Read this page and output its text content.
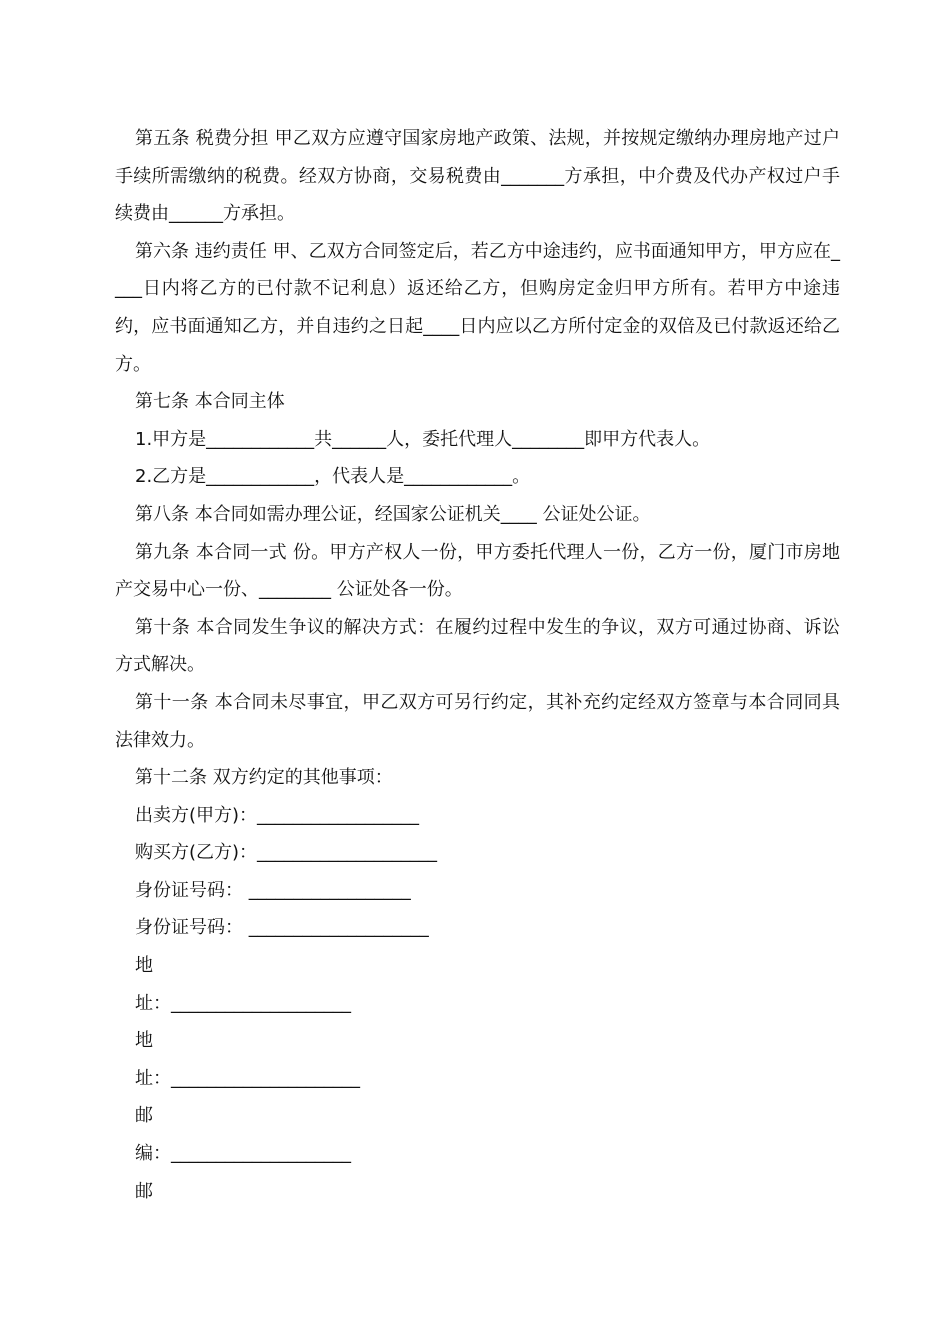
第五条 税费分担 甲乙双方应遵守国家房地产政策、法规，并按规定缴纳办理房地产过户手续所需缴纳的税费。经双方协商，交易税费由_______方承担，中介费及代办产权过户手续费由______方承担。

第六条 违约责任 甲、乙双方合同签定后，若乙方中途违约，应书面通知甲方，甲方应在____日内将乙方的已付款不记利息）返还给乙方，但购房定金归甲方所有。若甲方中途违约，应书面通知乙方，并自违约之日起____日内应以乙方所付定金的双倍及已付款返还给乙方。

第七条 本合同主体

1.甲方是____________共______人，委托代理人________即甲方代表人。

2.乙方是____________，代表人是____________。

第八条 本合同如需办理公证，经国家公证机关____ 公证处公证。

第九条 本合同一式 份。甲方产权人一份，甲方委托代理人一份，乙方一份，厦门市房地产交易中心一份、________ 公证处各一份。

第十条 本合同发生争议的解决方式：在履约过程中发生的争议，双方可通过协商、诉讼方式解决。

第十一条 本合同未尽事宜，甲乙双方可另行约定，其补充约定经双方签章与本合同同具法律效力。

第十二条 双方约定的其他事项：

出卖方(甲方)：__________________

购买方(乙方)：____________________

身份证号码： __________________

身份证号码： ____________________

地

址：____________________

地

址：_____________________

邮

编：____________________

邮
